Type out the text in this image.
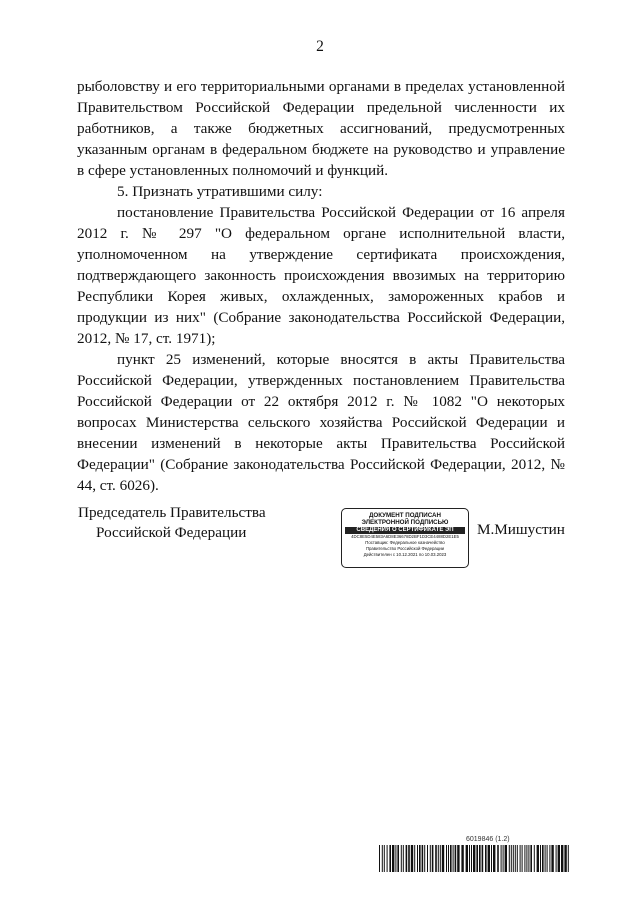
2

рыболовству и его территориальными органами в пределах установленной Правительством Российской Федерации предельной численности их работников, а также бюджетных ассигнований, предусмотренных указанным органам в федеральном бюджете на руководство и управление в сфере установленных полномочий и функций.

5. Признать утратившими силу:

постановление Правительства Российской Федерации от 16 апреля 2012 г. № 297 "О федеральном органе исполнительной власти, уполномоченном на утверждение сертификата происхождения, подтверждающего законность происхождения ввозимых на территорию Республики Корея живых, охлажденных, замороженных крабов и продукции из них" (Собрание законодательства Российской Федерации, 2012, № 17, ст. 1971);

пункт 25 изменений, которые вносятся в акты Правительства Российской Федерации, утвержденных постановлением Правительства Российской Федерации от 22 октября 2012 г. № 1082 "О некоторых вопросах Министерства сельского хозяйства Российской Федерации и внесении изменений в некоторые акты Правительства Российской Федерации" (Собрание законодательства Российской Федерации, 2012, № 44, ст. 6026).

Председатель Правительства
Российской Федерации
ДОКУМЕНТ ПОДПИСАН
ЭЛЕКТРОННОЙ ПОДПИСЬЮ
СВЕДЕНИЯ О СЕРТИФИКАТЕ ЭП
4DC8E5D4E583A6D8E36678D2BF1D3CE4488D2E1E5
Поставщик: Федеральное казначейство
Правительство Российской Федерации
Действителен с 10.12.2021 по 10.03.2023
М.Мишустин
6019846 (1.2)
